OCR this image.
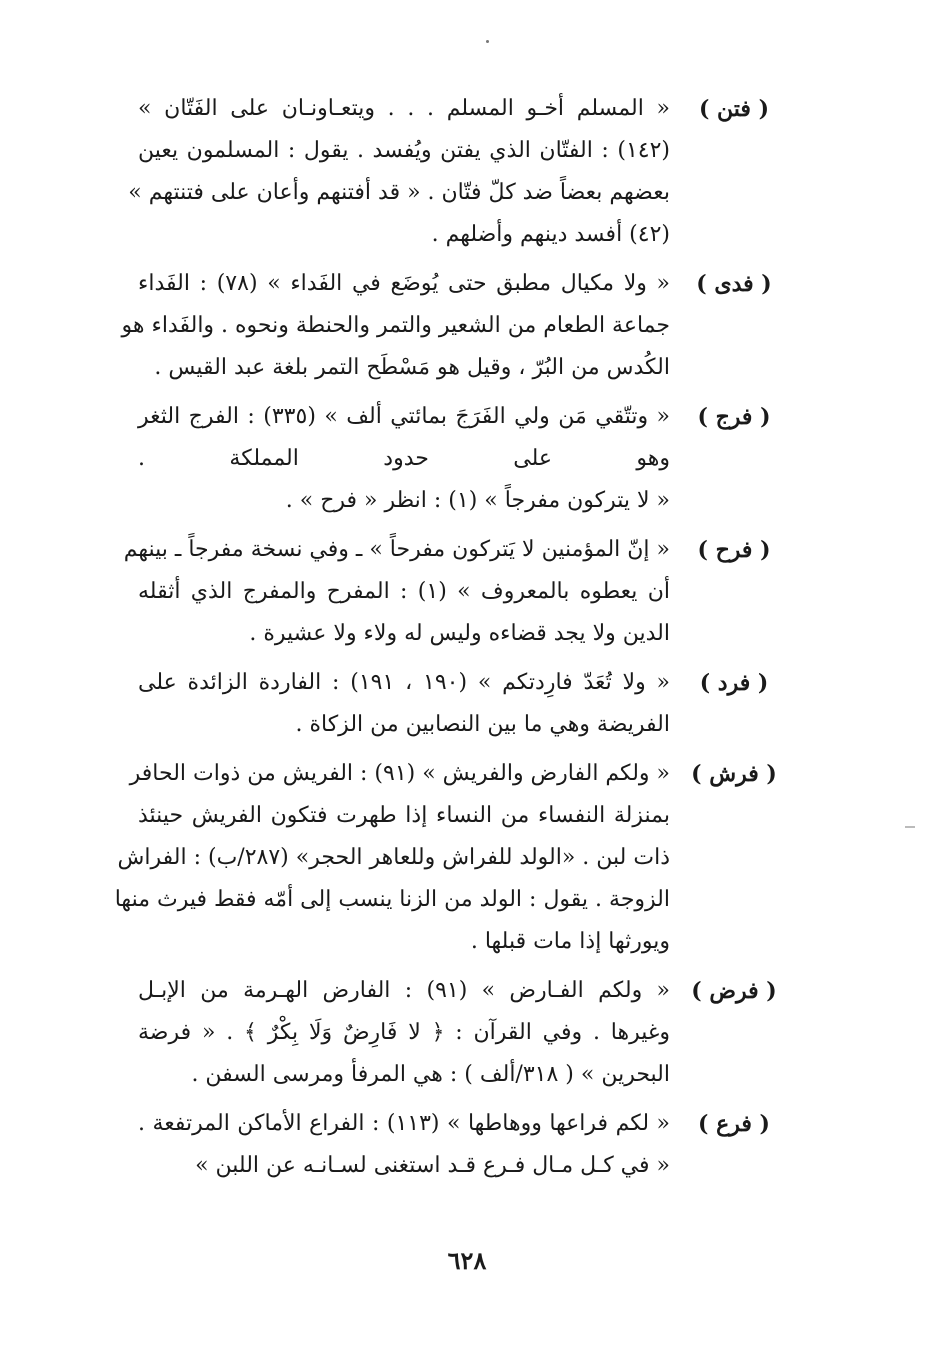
( فتن )
« المسلم أخـو المسلم . . . ويتعـاونـان على الفَتّان »
(١٤٢) : الفتّان الذي يفتن ويُفسد . يقول : المسلمون يعين
بعضهم بعضاً ضد كلّ فتّان . « قد أفتنهم وأعان على فتنتهم »
(٤٢) أفسد دينهم وأضلهم .
( فدى )
« ولا مكيال مطبق حتى يُوضَع في الفَداء » (٧٨) : الفَداء
جماعة الطعام من الشعير والتمر والحنطة ونحوه . والفَداء هو
الكُدس من البُرّ ، وقيل هو مَسْطَح التمر بلغة عبد القيس .
( فرج )
« وتتّقي مَن ولي الفَرَجَ بمائتي ألف » (٣٣٥) : الفرج الثغر
وهو على حدود المملكة .
« لا يتركون مفرجاً » (١) : انظر « فرح » .
( فرح )
« إنّ المؤمنين لا يَتركون مفرحاً » ـ وفي نسخة مفرجاً ـ بينهم
أن يعطوه بالمعروف » (١) : المفرح والمفرج الذي أثقله
الدين ولا يجد قضاءه وليس له ولاء ولا عشيرة .
( فرد )
« ولا تُعَدّ فارِدتكم » (١٩٠ ، ١٩١) : الفاردة الزائدة على
الفريضة وهي ما بين النصابين من الزكاة .
( فرش )
« ولكم الفارض والفريش » (٩١) : الفريش من ذوات الحافر
بمنزلة النفساء من النساء إذا طهرت فتكون الفريش حينئذ
ذات لبن . «الولد للفراش وللعاهر الحجر» (٢٨٧/ب) : الفراش
الزوجة . يقول : الولد من الزنا ينسب إلى أمّه فقط فيرث منها
ويورثها إذا مات قبلها .
( فرض )
« ولكم الفـارض » (٩١) : الفارض الهـرمة من الإبـل
وغيرها . وفي القرآن : ﴿ لا فَارِضٌ وَلَا بِكْرٌ ﴾ . « فرضة
البحرين » ( ٣١٨/ألف ) : هي المرفأ ومرسى السفن .
( فرع )
« لكم فراعها ووهاطها » (١١٣) : الفراع الأماكن المرتفعة .
« في كـل مـال فـرع قـد استغنى لسـانـه عن اللبن »
٦٢٨
